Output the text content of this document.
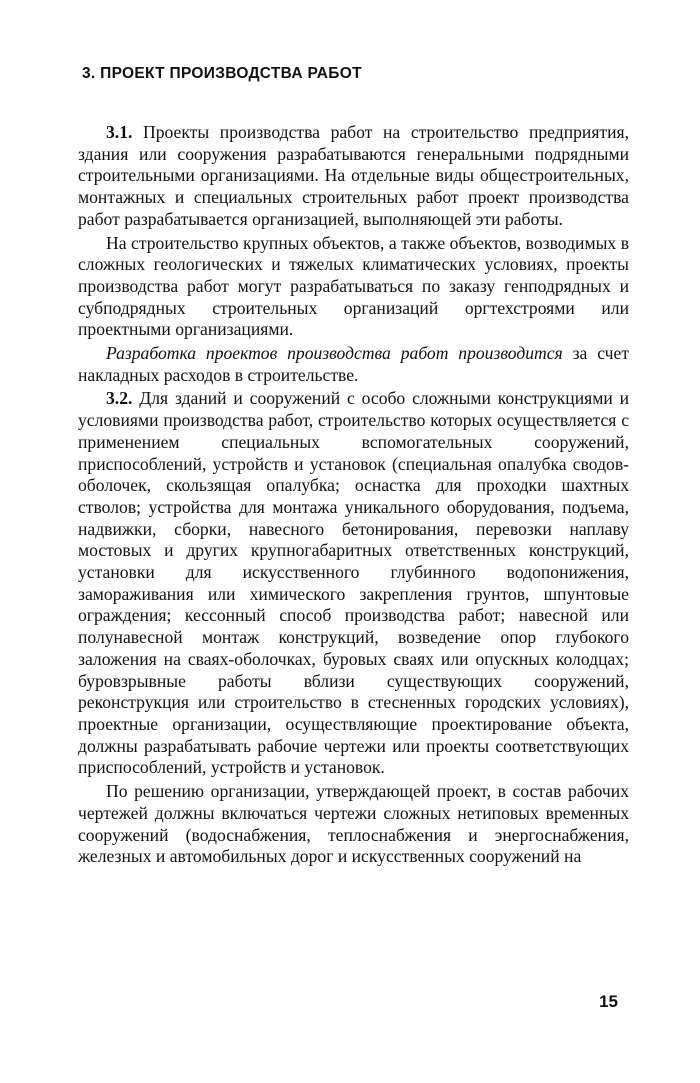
3. ПРОЕКТ ПРОИЗВОДСТВА РАБОТ

3.1. Проекты производства работ на строительство предприятия, здания или сооружения разрабатываются генеральными подрядными строительными организациями. На отдельные виды общестроительных, монтажных и специальных строительных работ проект производства работ разрабатывается организацией, выполняющей эти работы.

На строительство крупных объектов, а также объектов, возводимых в сложных геологических и тяжелых климатических условиях, проекты производства работ могут разрабатываться по заказу генподрядных и субподрядных строительных организаций оргтехстроями или проектными организациями.

Разработка проектов производства работ производится за счет накладных расходов в строительстве.

3.2. Для зданий и сооружений с особо сложными конструкциями и условиями производства работ, строительство которых осуществляется с применением специальных вспомогательных сооружений, приспособлений, устройств и установок (специальная опалубка сводов-оболочек, скользящая опалубка; оснастка для проходки шахтных стволов; устройства для монтажа уникального оборудования, подъема, надвижки, сборки, навесного бетонирования, перевозки наплаву мостовых и других крупногабаритных ответственных конструкций, установки для искусственного глубинного водопонижения, замораживания или химического закрепления грунтов, шпунтовые ограждения; кессонный способ производства работ; навесной или полунавесной монтаж конструкций, возведение опор глубокого заложения на сваях-оболочках, буровых сваях или опускных колодцах; буровзрывные работы вблизи существующих сооружений, реконструкция или строительство в стесненных городских условиях), проектные организации, осуществляющие проектирование объекта, должны разрабатывать рабочие чертежи или проекты соответствующих приспособлений, устройств и установок.

По решению организации, утверждающей проект, в состав рабочих чертежей должны включаться чертежи сложных нетиповых временных сооружений (водоснабжения, теплоснабжения и энергоснабжения, железных и автомобильных дорог и искусственных сооружений на

15
